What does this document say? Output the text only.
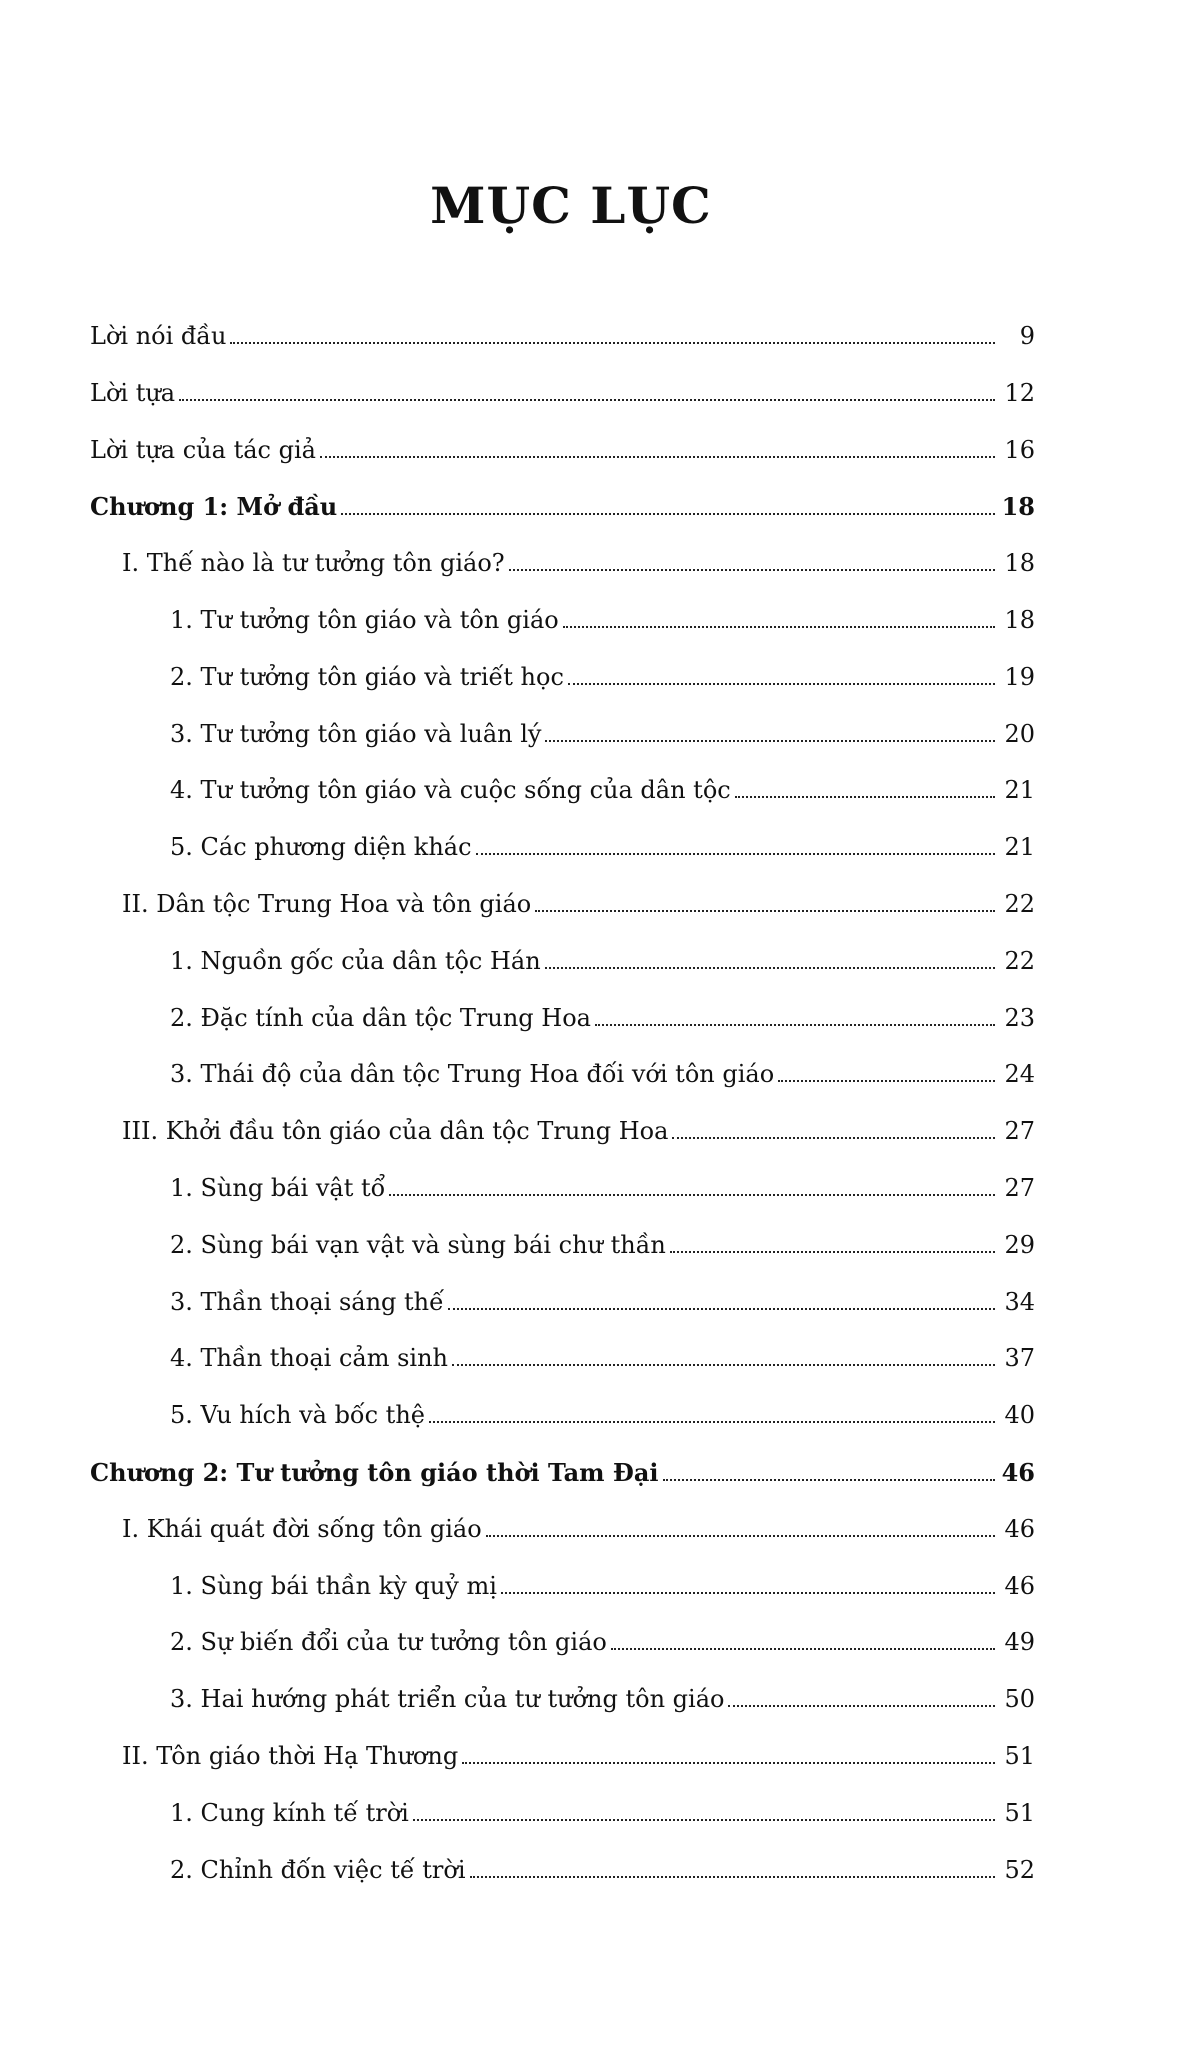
MỤC LỤC
Lời nói đầu	9
Lời tựa	12
Lời tựa của tác giả	16
Chương 1: Mở đầu	18
I. Thế nào là tư tưởng tôn giáo?	18
1. Tư tưởng tôn giáo và tôn giáo	18
2. Tư tưởng tôn giáo và triết học	19
3. Tư tưởng tôn giáo và luân lý	20
4. Tư tưởng tôn giáo và cuộc sống của dân tộc	21
5. Các phương diện khác	21
II. Dân tộc Trung Hoa và tôn giáo	22
1. Nguồn gốc của dân tộc Hán	22
2. Đặc tính của dân tộc Trung Hoa	23
3. Thái độ của dân tộc Trung Hoa đối với tôn giáo	24
III. Khởi đầu tôn giáo của dân tộc Trung Hoa	27
1. Sùng bái vật tổ	27
2. Sùng bái vạn vật và sùng bái chư thần	29
3. Thần thoại sáng thế	34
4. Thần thoại cảm sinh	37
5. Vu hích và bốc thệ	40
Chương 2: Tư tưởng tôn giáo thời Tam Đại	46
I. Khái quát đời sống tôn giáo	46
1. Sùng bái thần kỳ quỷ mị	46
2. Sự biến đổi của tư tưởng tôn giáo	49
3. Hai hướng phát triển của tư tưởng tôn giáo	50
II. Tôn giáo thời Hạ Thương	51
1. Cung kính tế trời	51
2. Chỉnh đốn việc tế trời	52
